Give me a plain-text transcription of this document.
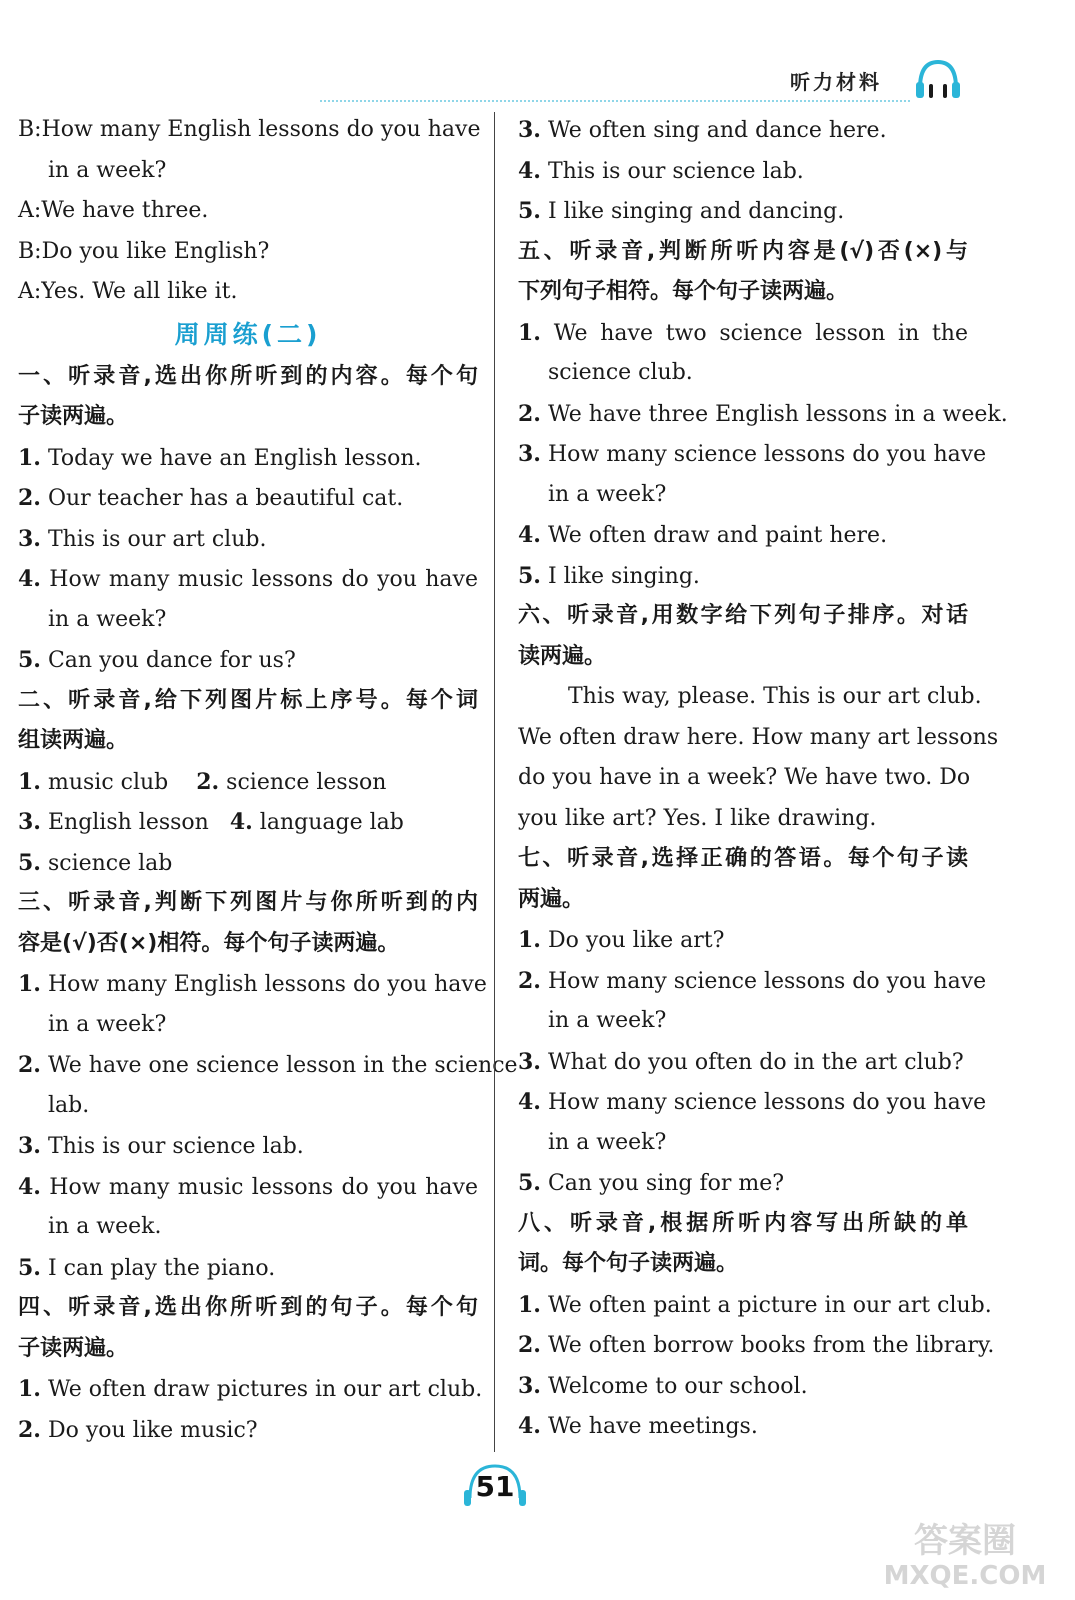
听力材料
B:How many English lessons do you have
in a week?
A:We have three.
B:Do you like English?
A:Yes. We all like it.
周周练(二)
一、听录音,选出你所听到的内容。每个句
子读两遍。
1. Today we have an English lesson.
2. Our teacher has a beautiful cat.
3. This is our art club.
4. How many music lessons do you have
in a week?
5. Can you dance for us?
二、听录音,给下列图片标上序号。每个词
组读两遍。
1. music club    2. science lesson
3. English lesson   4. language lab
5. science lab
三、听录音,判断下列图片与你所听到的内
容是(√)否(×)相符。每个句子读两遍。
1. How many English lessons do you have
in a week?
2. We have one science lesson in the science
lab.
3. This is our science lab.
4. How many music lessons do you have
in a week.
5. I can play the piano.
四、听录音,选出你所听到的句子。每个句
子读两遍。
1. We often draw pictures in our art club.
2. Do you like music?
3. We often sing and dance here.
4. This is our science lab.
5. I like singing and dancing.
五、听录音,判断所听内容是(√)否(×)与
下列句子相符。每个句子读两遍。
1. We have two science lesson in the
science club.
2. We have three English lessons in a week.
3. How many science lessons do you have
in a week?
4. We often draw and paint here.
5. I like singing.
六、听录音,用数字给下列句子排序。对话
读两遍。
This way, please. This is our art club.
We often draw here. How many art lessons
do you have in a week? We have two. Do
you like art? Yes. I like drawing.
七、听录音,选择正确的答语。每个句子读
两遍。
1. Do you like art?
2. How many science lessons do you have
in a week?
3. What do you often do in the art club?
4. How many science lessons do you have
in a week?
5. Can you sing for me?
八、听录音,根据所听内容写出所缺的单
词。每个句子读两遍。
1. We often paint a picture in our art club.
2. We often borrow books from the library.
3. Welcome to our school.
4. We have meetings.
51
答案圈
MXQE.COM
